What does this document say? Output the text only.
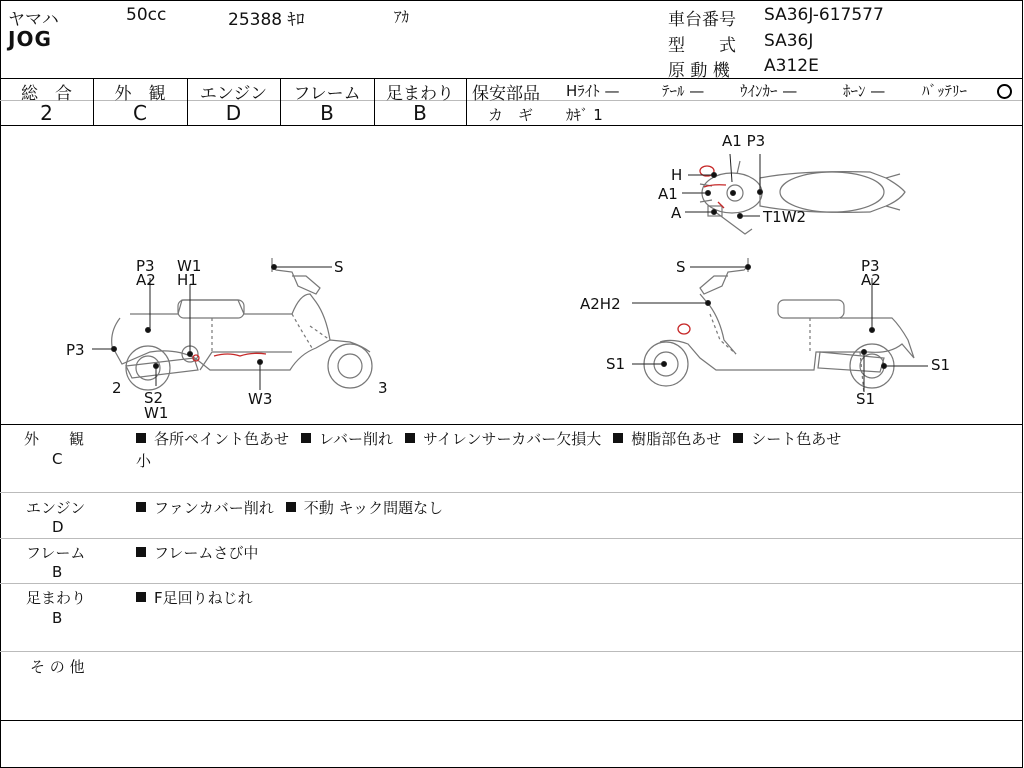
ヤマハ	50cc	25388 ｷﾛ	ｱｶ
JOG
車台番号 SA36J-617577
型　　式 SA36J
原 動 機 A312E
総　合
2
外　観
C
エンジン
D
フレーム
B
足まわり
B
保安部品 Hﾗｲﾄ —	ﾃｰﾙ — ｳｲﾝｶｰ —	ﾎｰﾝ — ﾊﾞｯﾃﾘｰ
カ　ギ ｶｷﾞ 1
A1 P3
H
A1
A	T1W2
P3
A2
W1
H1
S
P3
2
S2
W1
W3
3
S	P3
A2
A2H2
S1	S1
S1
外　　観
C
各所ペイント色あせ レバー削れ サイレンサーカバー欠損大 樹脂部色あせ シート色あせ
小
エンジン
D
ファンカバー削れ 不動 キック問題なし
フレーム
B
フレームさび中
足まわり
B
F足回りねじれ
そ の 他
